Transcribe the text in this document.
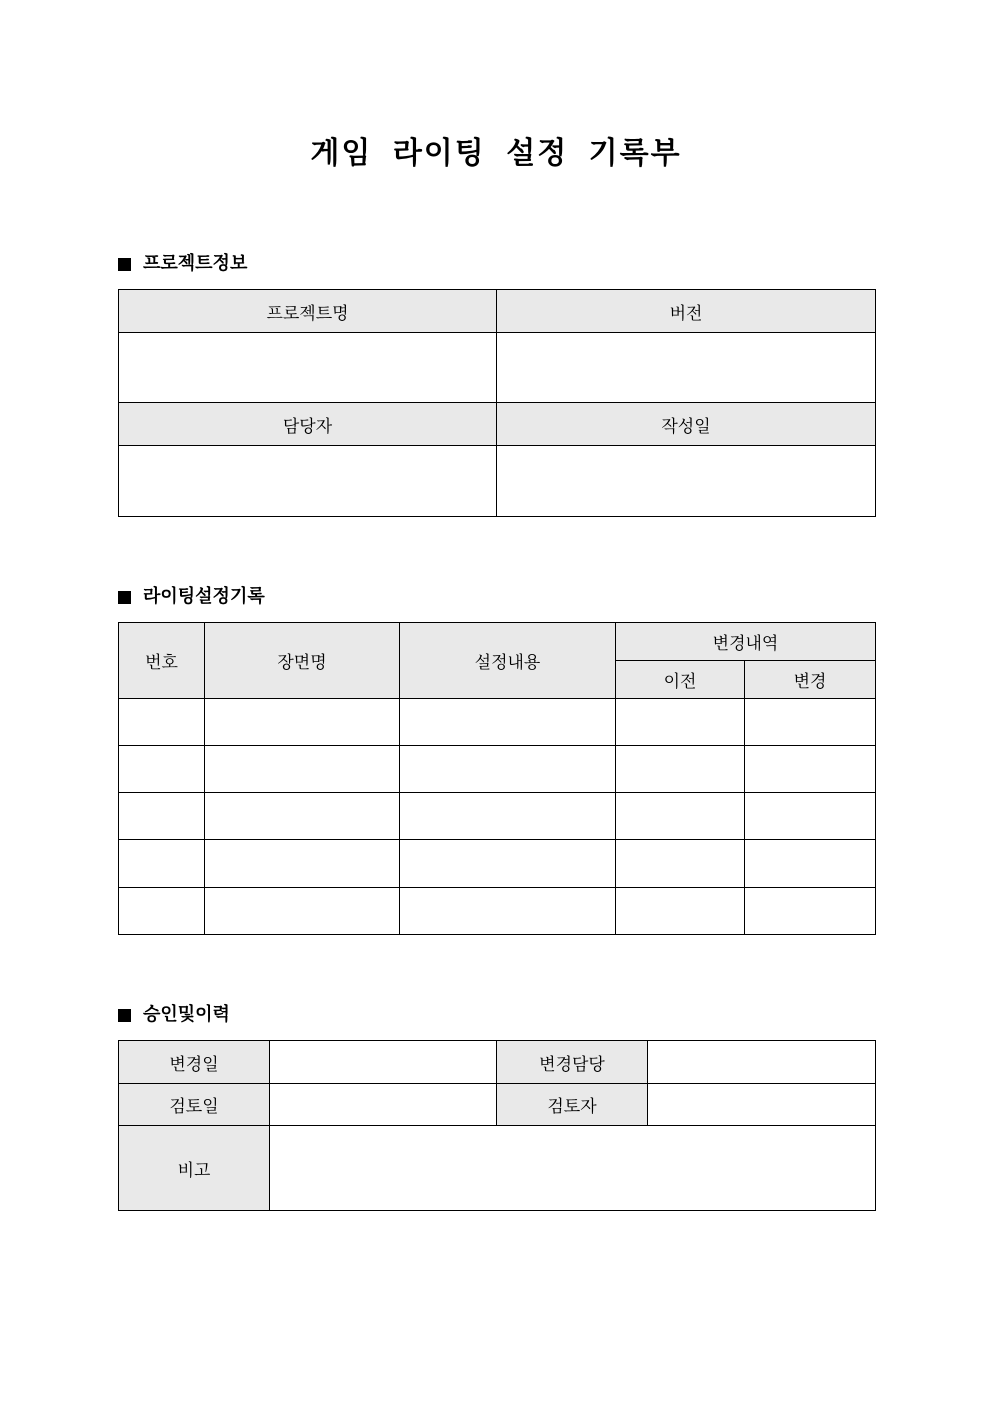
게임 라이팅 설정 기록부
프로젝트정보
프로젝트명	버전

담당자	작성일

라이팅설정기록
번호	장면명	설정내용	변경내역	
			이전	변경

승인및이력
변경일		변경담당	
검토일		검토자	
비고			
